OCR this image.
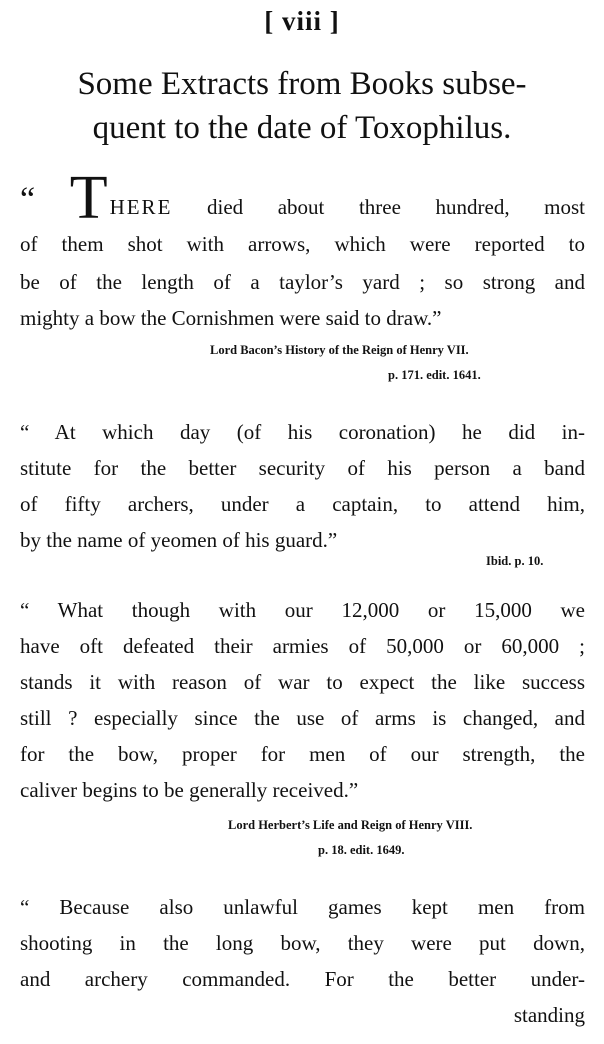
[ viii ]
Some Extracts from Books subse-
quent to the date of Toxophilus.
“ THERE died about three hundred, most
of them shot with arrows, which were reported to
be of the length of a taylor’s yard ; so strong and
mighty a bow the Cornishmen were said to draw.”
Lord Bacon’s History of the Reign of Henry VII.
p. 171. edit. 1641.
“ At which day (of his coronation) he did in-
stitute for the better security of his person a band
of fifty archers, under a captain, to attend him,
by the name of yeomen of his guard.”
Ibid. p. 10.
“ What though with our 12,000 or 15,000 we
have oft defeated their armies of 50,000 or 60,000 ;
stands it with reason of war to expect the like success
still ? especially since the use of arms is changed, and
for the bow, proper for men of our strength, the
caliver begins to be generally received.”
Lord Herbert’s Life and Reign of Henry VIII.
p. 18. edit. 1649.
“ Because also unlawful games kept men from
shooting in the long bow, they were put down,
and archery commanded. For the better under-
standing
